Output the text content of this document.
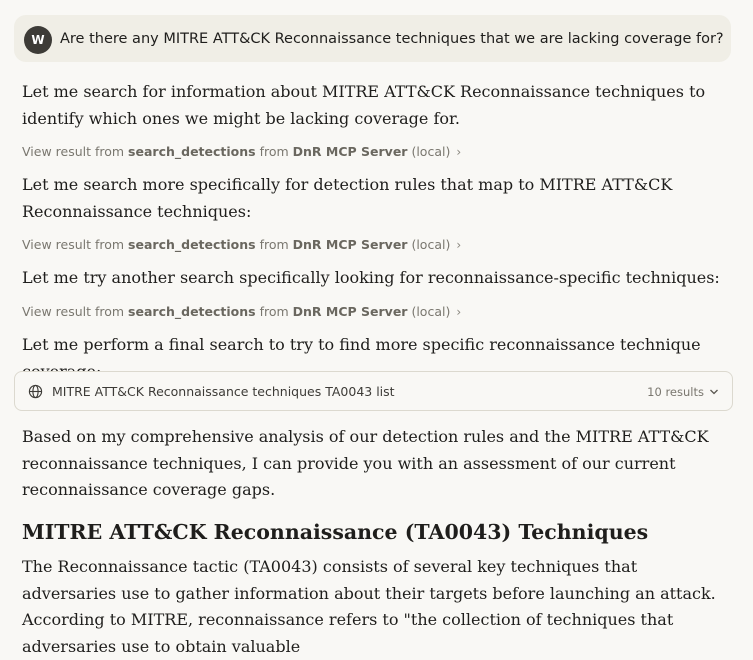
W	Are there any MITRE ATT&CK Reconnaissance techniques that we are lacking coverage for?

Let me search for information about MITRE ATT&CK Reconnaissance techniques to identify which ones we might be lacking coverage for.

View result from search_detections from DnR MCP Server (local) ›

Let me search more specifically for detection rules that map to MITRE ATT&CK Reconnaissance techniques:

View result from search_detections from DnR MCP Server (local) ›

Let me try another search specifically looking for reconnaissance-specific techniques:

View result from search_detections from DnR MCP Server (local) ›

Let me perform a final search to try to find more specific reconnaissance technique

MITRE ATT&CK Reconnaissance techniques TA0043 list	10 results

Based on my comprehensive analysis of our detection rules and the MITRE ATT&CK reconnaissance techniques, I can provide you with an assessment of our current reconnaissance coverage gaps.

MITRE ATT&CK Reconnaissance (TA0043) Techniques

The Reconnaissance tactic (TA0043) consists of several key techniques that adversaries use to gather information about their targets before launching an attack. According to MITRE, reconnaissance refers to "the collection of techniques that adversaries use to obtain valuable
